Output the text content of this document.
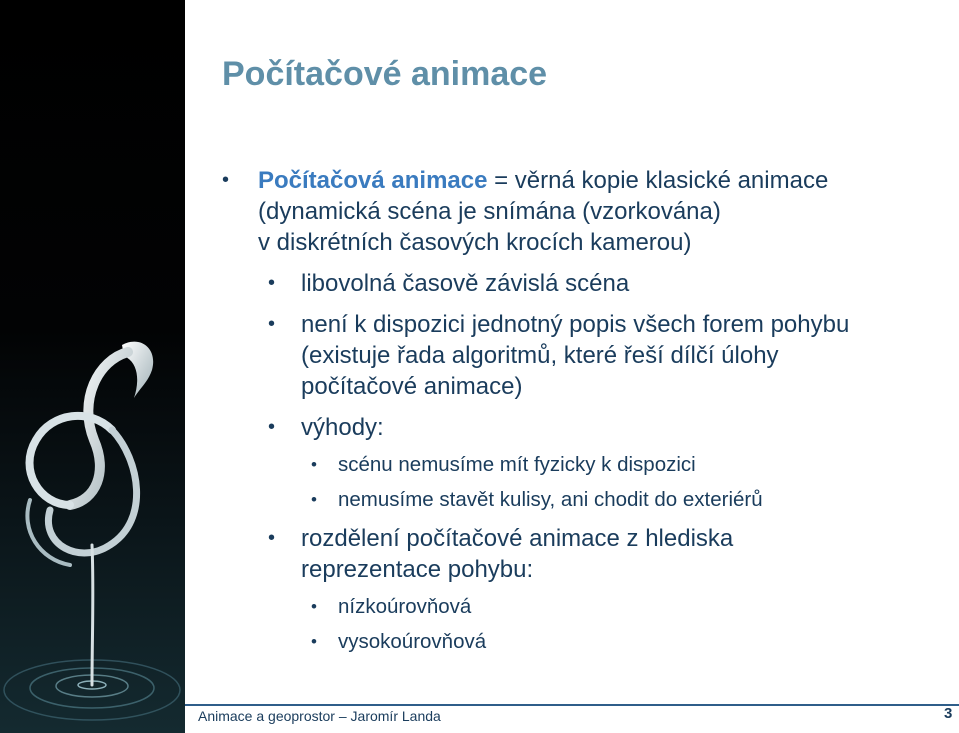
Počítačové animace
• Počítačová animace = věrná kopie klasické animace
(dynamická scéna je snímána (vzorkována)
v diskrétních časových krocích kamerou)
• libovolná časově závislá scéna
• není k dispozici jednotný popis všech forem pohybu
(existuje řada algoritmů, které řeší dílčí úlohy
počítačové animace)
• výhody:
• scénu nemusíme mít fyzicky k dispozici
• nemusíme stavět kulisy, ani chodit do exteriérů
• rozdělení počítačové animace z hlediska
reprezentace pohybu:
• nízkoúrovňová
• vysokoúrovňová
Animace a geoprostor – Jaromír Landa	3
